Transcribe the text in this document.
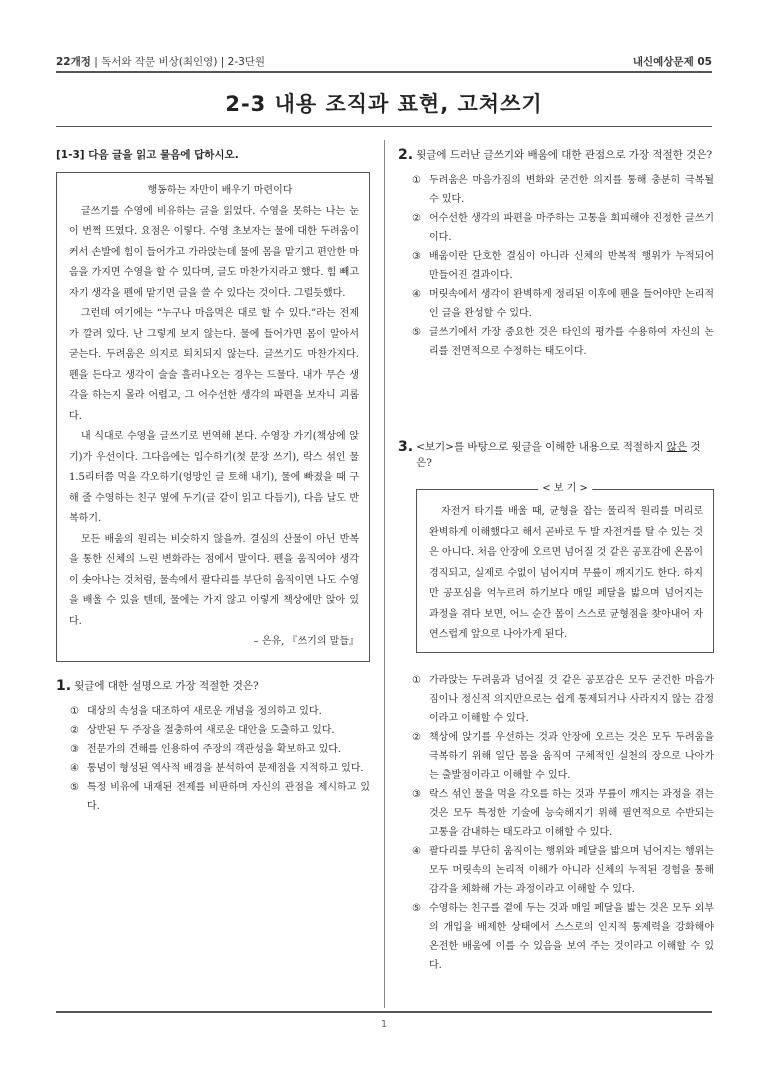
22개정 | 독서와 작문 비상(최인영) | 2-3단원	내신예상문제 05
2-3 내용 조직과 표현, 고쳐쓰기
[1-3] 다음 글을 읽고 물음에 답하시오.

행동하는 자만이 배우기 마련이다

글쓰기를 수영에 비유하는 글을 읽었다. 수영을 못하는 나는 눈이 번쩍 뜨였다. 요점은 이렇다. 수영 초보자는 물에 대한 두려움이 커서 손발에 힘이 들어가고 가라앉는데 물에 몸을 맡기고 편안한 마음을 가지면 수영을 할 수 있다며, 글도 마찬가지라고 했다. 힘 빼고 자기 생각을 펜에 맡기면 글을 쓸 수 있다는 것이다. 그럴듯했다.

그런데 여기에는 “누구나 마음먹은 대로 할 수 있다.”라는 전제가 깔려 있다. 난 그렇게 보지 않는다. 물에 들어가면 몸이 알아서 굳는다. 두려움은 의지로 퇴치되지 않는다. 글쓰기도 마찬가지다. 펜을 든다고 생각이 술술 흘러나오는 경우는 드물다. 내가 무슨 생각을 하는지 몰라 어렵고, 그 어수선한 생각의 파편을 보자니 괴롭다.

내 식대로 수영을 글쓰기로 번역해 본다. 수영장 가기(책상에 앉기)가 우선이다. 그다음에는 입수하기(첫 문장 쓰기), 락스 섞인 물 1.5리터쯤 먹을 각오하기(엉망인 글 토해 내기), 물에 빠졌을 때 구해 줄 수영하는 친구 옆에 두기(글 같이 읽고 다듬기), 다음 날도 반복하기.

모든 배움의 원리는 비슷하지 않을까. 결심의 산물이 아닌 반복을 통한 신체의 느린 변화라는 점에서 말이다. 펜을 움직여야 생각이 솟아나는 것처럼, 물속에서 팔다리를 부단히 움직이면 나도 수영을 배울 수 있을 텐데, 물에는 가지 않고 이렇게 책상에만 앉아 있다.

– 은유, 『쓰기의 말들』

1. 윗글에 대한 설명으로 가장 적절한 것은?
① 대상의 속성을 대조하여 새로운 개념을 정의하고 있다.
② 상반된 두 주장을 절충하여 새로운 대안을 도출하고 있다.
③ 전문가의 견해를 인용하여 주장의 객관성을 확보하고 있다.
④ 통념이 형성된 역사적 배경을 분석하여 문제점을 지적하고 있다.
⑤ 특정 비유에 내재된 전제를 비판하며 자신의 관점을 제시하고 있다.
2. 윗글에 드러난 글쓰기와 배움에 대한 관점으로 가장 적절한 것은?
① 두려움은 마음가짐의 변화와 굳건한 의지를 통해 충분히 극복될 수 있다.
② 어수선한 생각의 파편을 마주하는 고통을 회피해야 진정한 글쓰기이다.
③ 배움이란 단호한 결심이 아니라 신체의 반복적 행위가 누적되어 만들어진 결과이다.
④ 머릿속에서 생각이 완벽하게 정리된 이후에 펜을 들어야만 논리적인 글을 완성할 수 있다.
⑤ 글쓰기에서 가장 중요한 것은 타인의 평가를 수용하여 자신의 논리를 전면적으로 수정하는 태도이다.
3. <보기>를 바탕으로 윗글을 이해한 내용으로 적절하지 않은 것은?
< 보 기 >

자전거 타기를 배울 때, 균형을 잡는 물리적 원리를 머리로 완벽하게 이해했다고 해서 곧바로 두 발 자전거를 탈 수 있는 것은 아니다. 처음 안장에 오르면 넘어질 것 같은 공포감에 온몸이 경직되고, 실제로 수없이 넘어지며 무릎이 깨지기도 한다. 하지만 공포심을 억누르려 하기보다 매일 페달을 밟으며 넘어지는 과정을 겪다 보면, 어느 순간 몸이 스스로 균형점을 찾아내어 자연스럽게 앞으로 나아가게 된다.

① 가라앉는 두려움과 넘어질 것 같은 공포감은 모두 굳건한 마음가짐이나 정신적 의지만으로는 쉽게 통제되거나 사라지지 않는 감정이라고 이해할 수 있다.
② 책상에 앉기를 우선하는 것과 안장에 오르는 것은 모두 두려움을 극복하기 위해 일단 몸을 움직여 구체적인 실천의 장으로 나아가는 출발점이라고 이해할 수 있다.
③ 락스 섞인 물을 먹을 각오를 하는 것과 무릎이 깨지는 과정을 겪는 것은 모두 특정한 기술에 능숙해지기 위해 필연적으로 수반되는 고통을 감내하는 태도라고 이해할 수 있다.
④ 팔다리를 부단히 움직이는 행위와 페달을 밟으며 넘어지는 행위는 모두 머릿속의 논리적 이해가 아니라 신체의 누적된 경험을 통해 감각을 체화해 가는 과정이라고 이해할 수 있다.
⑤ 수영하는 친구를 곁에 두는 것과 매일 페달을 밟는 것은 모두 외부의 개입을 배제한 상태에서 스스로의 인지적 통제력을 강화해야 온전한 배움에 이를 수 있음을 보여 주는 것이라고 이해할 수 있다.
1
